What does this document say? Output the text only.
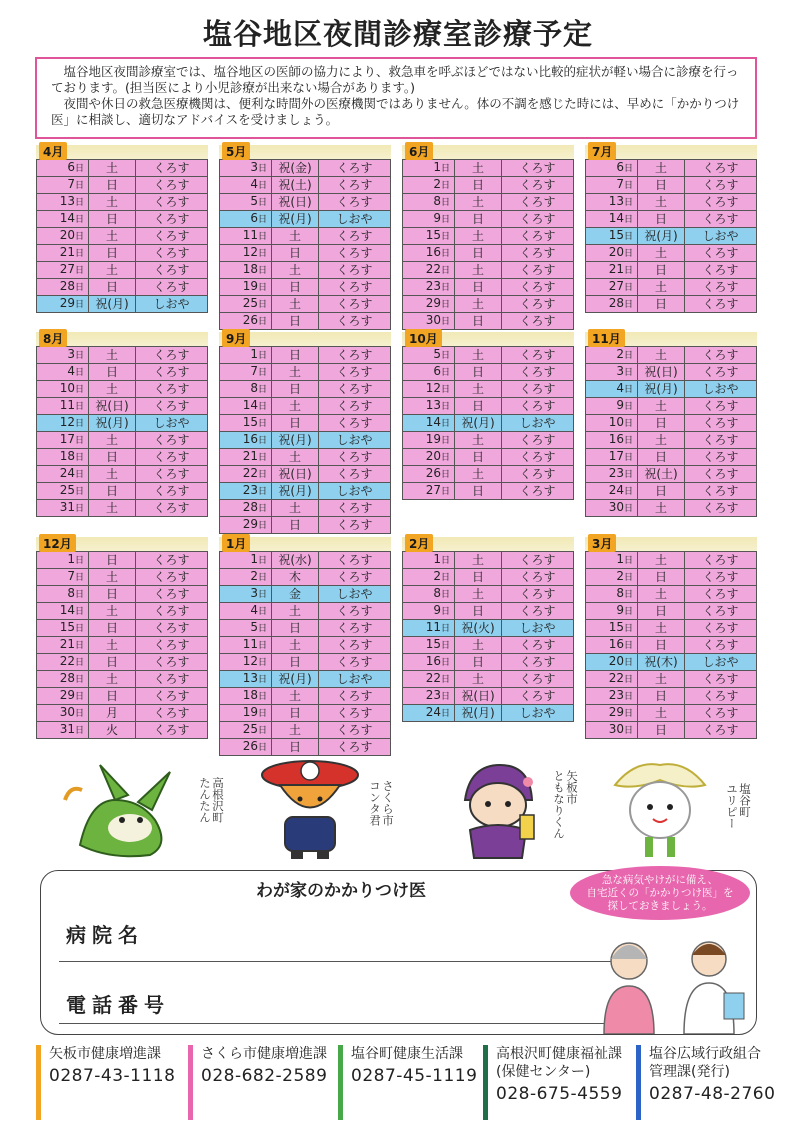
塩谷地区夜間診療室診療予定

塩谷地区夜間診療室では、塩谷地区の医師の協力により、救急車を呼ぶほどではない比較的症状が軽い場合に診療を行っております。(担当医により小児診療が出来ない場合があります。)

夜間や休日の救急医療機関は、便利な時間外の医療機関ではありません。体の不調を感じた時には、早めに「かかりつけ医」に相談し、適切なアドバイスを受けましょう。

4月
6日	土	くろす
7日	日	くろす
13日	土	くろす
14日	日	くろす
20日	土	くろす
21日	日	くろす
27日	土	くろす
28日	日	くろす
29日	祝(月)	しおや
5月
3日	祝(金)	くろす
4日	祝(土)	くろす
5日	祝(日)	くろす
6日	祝(月)	しおや
11日	土	くろす
12日	日	くろす
18日	土	くろす
19日	日	くろす
25日	土	くろす
26日	日	くろす
6月
1日	土	くろす
2日	日	くろす
8日	土	くろす
9日	日	くろす
15日	土	くろす
16日	日	くろす
22日	土	くろす
23日	日	くろす
29日	土	くろす
30日	日	くろす
7月
6日	土	くろす
7日	日	くろす
13日	土	くろす
14日	日	くろす
15日	祝(月)	しおや
20日	土	くろす
21日	日	くろす
27日	土	くろす
28日	日	くろす
8月
3日	土	くろす
4日	日	くろす
10日	土	くろす
11日	祝(日)	くろす
12日	祝(月)	しおや
17日	土	くろす
18日	日	くろす
24日	土	くろす
25日	日	くろす
31日	土	くろす
9月
1日	日	くろす
7日	土	くろす
8日	日	くろす
14日	土	くろす
15日	日	くろす
16日	祝(月)	しおや
21日	土	くろす
22日	祝(日)	くろす
23日	祝(月)	しおや
28日	土	くろす
29日	日	くろす
10月
5日	土	くろす
6日	日	くろす
12日	土	くろす
13日	日	くろす
14日	祝(月)	しおや
19日	土	くろす
20日	日	くろす
26日	土	くろす
27日	日	くろす
11月
2日	土	くろす
3日	祝(日)	くろす
4日	祝(月)	しおや
9日	土	くろす
10日	日	くろす
16日	土	くろす
17日	日	くろす
23日	祝(土)	くろす
24日	日	くろす
30日	土	くろす
12月
1日	日	くろす
7日	土	くろす
8日	日	くろす
14日	土	くろす
15日	日	くろす
21日	土	くろす
22日	日	くろす
28日	土	くろす
29日	日	くろす
30日	月	くろす
31日	火	くろす
1月
1日	祝(水)	くろす
2日	木	くろす
3日	金	しおや
4日	土	くろす
5日	日	くろす
11日	土	くろす
12日	日	くろす
13日	祝(月)	しおや
18日	土	くろす
19日	日	くろす
25日	土	くろす
26日	日	くろす
2月
1日	土	くろす
2日	日	くろす
8日	土	くろす
9日	日	くろす
11日	祝(火)	しおや
15日	土	くろす
16日	日	くろす
22日	土	くろす
23日	祝(日)	くろす
24日	祝(月)	しおや
3月
1日	土	くろす
2日	日	くろす
8日	土	くろす
9日	日	くろす
15日	土	くろす
16日	日	くろす
20日	祝(木)	しおや
22日	土	くろす
23日	日	くろす
29日	土	くろす
30日	日	くろす
高根沢町
たんたん	さくら市
コンタ君	矢板市
ともなりくん	塩谷町
ユリピー
わが家のかかりつけ医
病院名
電話番号
急な病気やけがに備え、
自宅近くの「かかりつけ医」を
探しておきましょう。
矢板市健康増進課
0287-43-1118
さくら市健康増進課
028-682-2589
塩谷町健康生活課
0287-45-1119
高根沢町健康福祉課
(保健センター)
028-675-4559
塩谷広域行政組合
管理課(発行)
0287-48-2760
